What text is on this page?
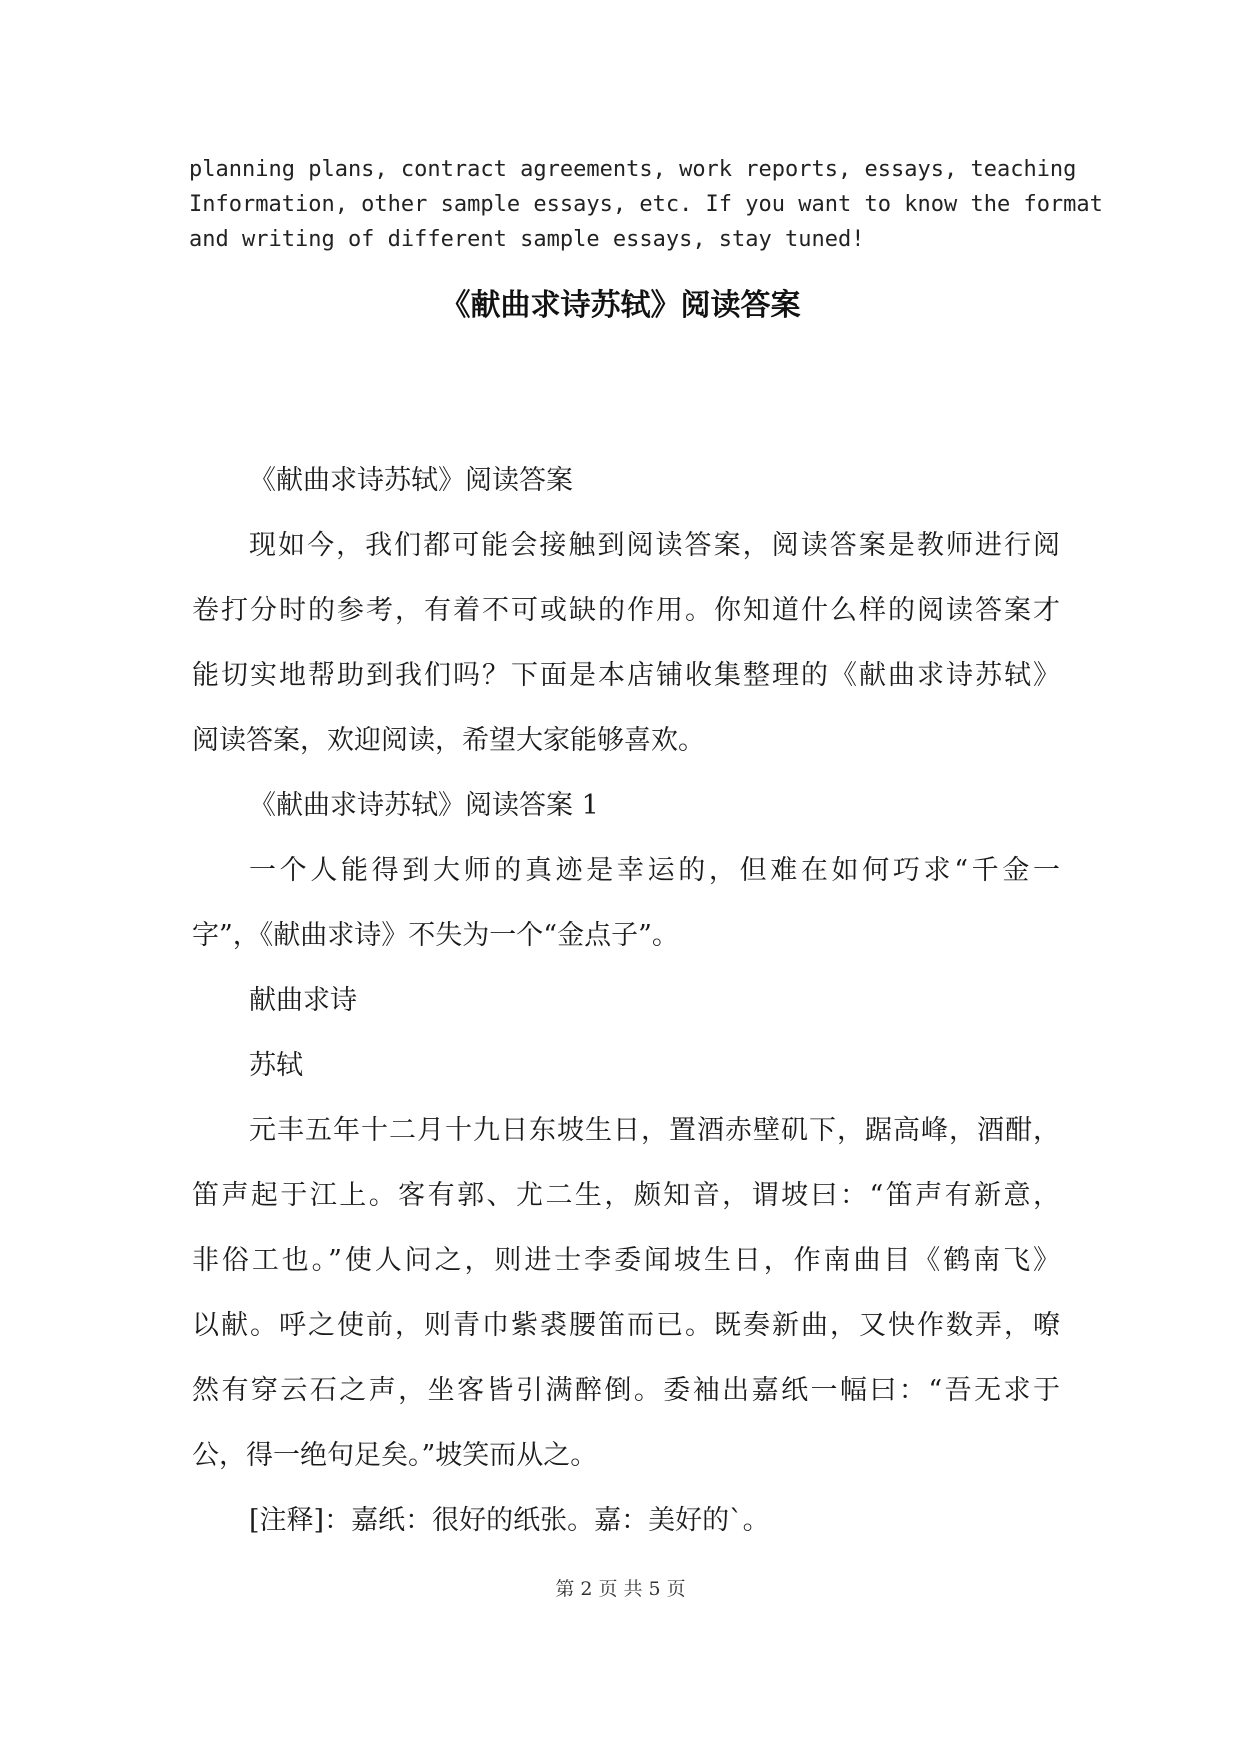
planning plans, contract agreements, work reports, essays, teaching
Information, other sample essays, etc. If you want to know the format
and writing of different sample essays, stay tuned!
《献曲求诗苏轼》阅读答案
《献曲求诗苏轼》阅读答案
现如今，我们都可能会接触到阅读答案，阅读答案是教师进行阅
卷打分时的参考，有着不可或缺的作用。你知道什么样的阅读答案才
能切实地帮助到我们吗？下面是本店铺收集整理的《献曲求诗苏轼》
阅读答案，欢迎阅读，希望大家能够喜欢。
《献曲求诗苏轼》阅读答案 1
一个人能得到大师的真迹是幸运的，但难在如何巧求“千金一
字”，《献曲求诗》不失为一个“金点子”。
献曲求诗
苏轼
元丰五年十二月十九日东坡生日，置酒赤壁矶下，踞高峰，酒酣，
笛声起于江上。客有郭、尤二生，颇知音，谓坡曰：“笛声有新意，
非俗工也。”使人问之，则进士李委闻坡生日，作南曲目《鹤南飞》
以献。呼之使前，则青巾紫裘腰笛而已。既奏新曲，又快作数弄，嘹
然有穿云石之声，坐客皆引满醉倒。委袖出嘉纸一幅曰：“吾无求于
公，得一绝句足矣。”坡笑而从之。
[注释]：嘉纸：很好的纸张。嘉：美好的`。
第 2 页 共 5 页
